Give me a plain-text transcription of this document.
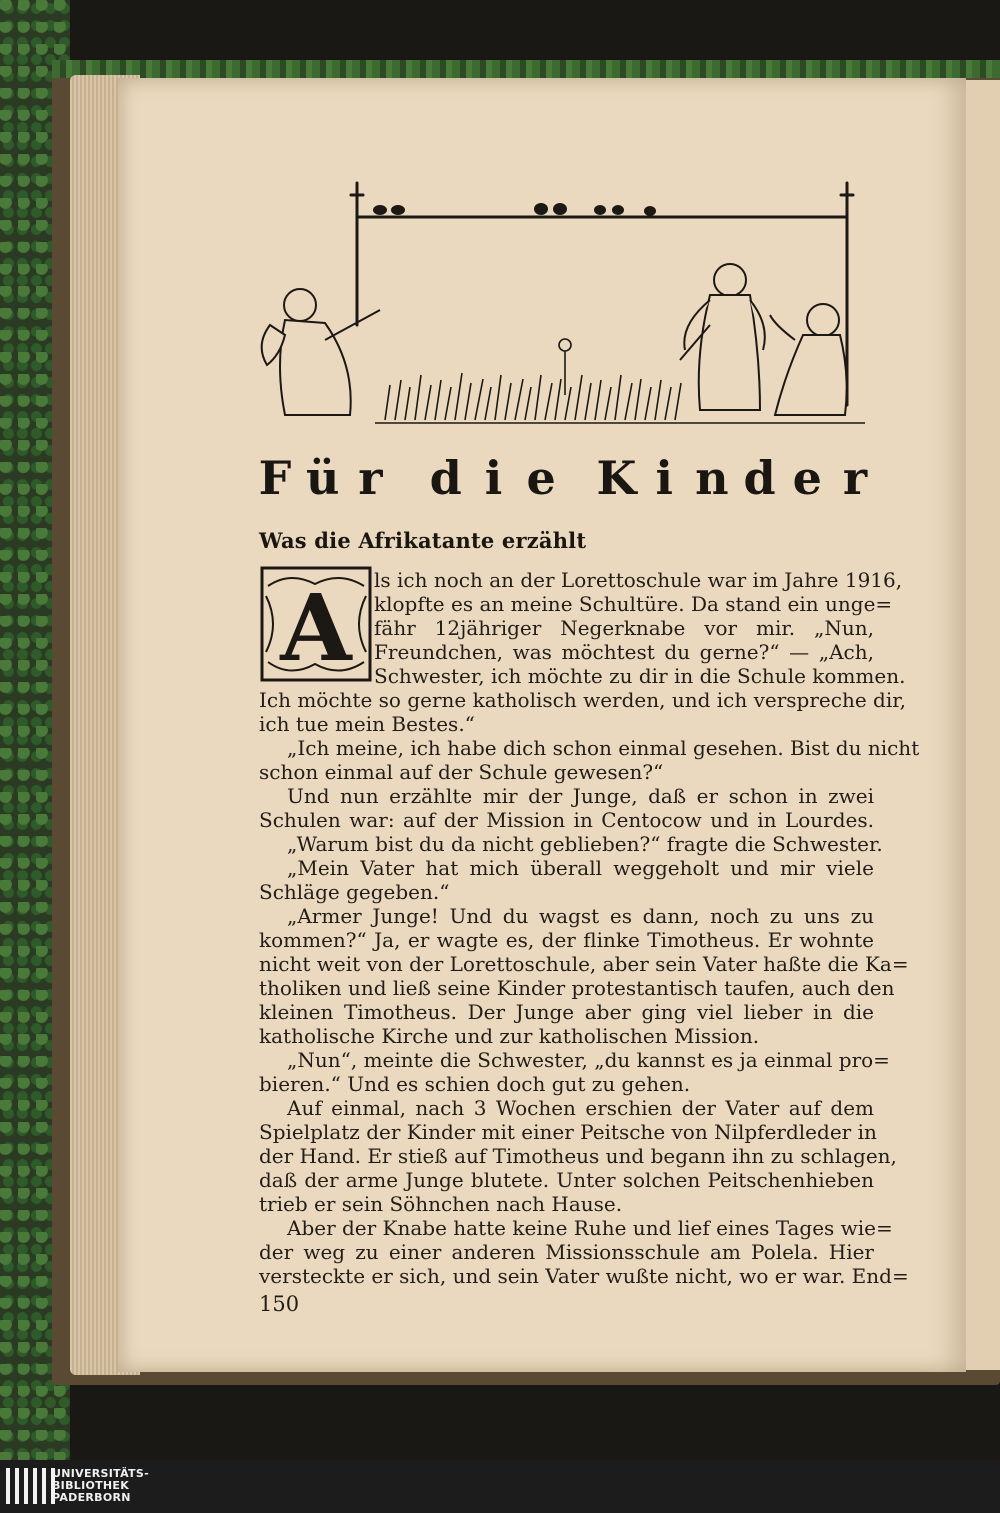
F ü r d i e K i n d e r
Was die Afrikatante erzählt
A ls ich noch an der Lorettoschule war im Jahre 1916,
klopfte es an meine Schultüre. Da stand ein unge=
fähr 12jähriger Negerknabe vor mir. „Nun,
Freundchen, was möchtest du gerne?“ — „Ach,
Schwester, ich möchte zu dir in die Schule kommen.
Ich möchte so gerne katholisch werden, und ich verspreche dir,
ich tue mein Bestes.“
„Ich meine, ich habe dich schon einmal gesehen. Bist du nicht
schon einmal auf der Schule gewesen?“
Und nun erzählte mir der Junge, daß er schon in zwei
Schulen war: auf der Mission in Centocow und in Lourdes.
„Warum bist du da nicht geblieben?“ fragte die Schwester.
„Mein Vater hat mich überall weggeholt und mir viele
Schläge gegeben.“
„Armer Junge! Und du wagst es dann, noch zu uns zu
kommen?“ Ja, er wagte es, der flinke Timotheus. Er wohnte
nicht weit von der Lorettoschule, aber sein Vater haßte die Ka=
tholiken und ließ seine Kinder protestantisch taufen, auch den
kleinen Timotheus. Der Junge aber ging viel lieber in die
katholische Kirche und zur katholischen Mission.
„Nun“, meinte die Schwester, „du kannst es ja einmal pro=
bieren.“ Und es schien doch gut zu gehen.
Auf einmal, nach 3 Wochen erschien der Vater auf dem
Spielplatz der Kinder mit einer Peitsche von Nilpferdleder in
der Hand. Er stieß auf Timotheus und begann ihn zu schlagen,
daß der arme Junge blutete. Unter solchen Peitschenhieben
trieb er sein Söhnchen nach Hause.
Aber der Knabe hatte keine Ruhe und lief eines Tages wie=
der weg zu einer anderen Missionsschule am Polela. Hier
versteckte er sich, und sein Vater wußte nicht, wo er war. End=
150
UNIVERSITÄTS-
BIBLIOTHEK
PADERBORN
